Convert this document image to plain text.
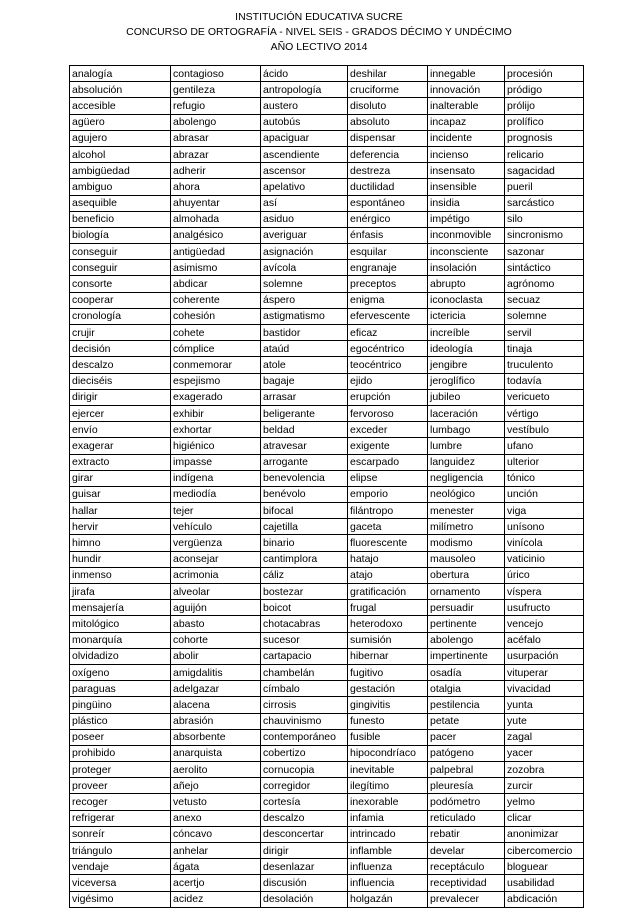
INSTITUCIÓN EDUCATIVA SUCRE
CONCURSO DE ORTOGRAFÍA - NIVEL SEIS - GRADOS DÉCIMO Y UNDÉCIMO
AÑO LECTIVO 2014
analogía	contagioso	ácido	deshilar	innegable	procesión
absolución	gentileza	antropología	cruciforme	innovación	pródigo
accesible	refugio	austero	disoluto	inalterable	prólijo
agüero	abolengo	autobús	absoluto	incapaz	prolífico
agujero	abrasar	apaciguar	dispensar	incidente	prognosis
alcohol	abrazar	ascendiente	deferencia	incienso	relicario
ambigüedad	adherir	ascensor	destreza	insensato	sagacidad
ambiguo	ahora	apelativo	ductilidad	insensible	pueril
asequible	ahuyentar	así	espontáneo	insidia	sarcástico
beneficio	almohada	asiduo	enérgico	impétigo	silo
biología	analgésico	averiguar	énfasis	inconmovible	sincronismo
conseguir	antigüedad	asignación	esquilar	inconsciente	sazonar
conseguir	asimismo	avícola	engranaje	insolación	sintáctico
consorte	abdicar	solemne	preceptos	abrupto	agrónomo
cooperar	coherente	áspero	enigma	iconoclasta	secuaz
cronología	cohesión	astigmatismo	efervescente	ictericia	solemne
crujir	cohete	bastidor	eficaz	increíble	servil
decisión	cómplice	ataúd	egocéntrico	ideología	tinaja
descalzo	conmemorar	atole	teocéntrico	jengibre	truculento
dieciséis	espejismo	bagaje	ejido	jeroglífico	todavía
dirigir	exagerado	arrasar	erupción	jubileo	vericueto
ejercer	exhibir	beligerante	fervoroso	laceración	vértigo
envío	exhortar	beldad	exceder	lumbago	vestíbulo
exagerar	higiénico	atravesar	exigente	lumbre	ufano
extracto	impasse	arrogante	escarpado	languidez	ulterior
girar	indígena	benevolencia	elipse	negligencia	tónico
guisar	mediodía	benévolo	emporio	neológico	unción
hallar	tejer	bifocal	filántropo	menester	viga
hervir	vehículo	cajetilla	gaceta	milímetro	unísono
himno	vergüenza	binario	fluorescente	modismo	vinícola
hundir	aconsejar	cantimplora	hatajo	mausoleo	vaticinio
inmenso	acrimonia	cáliz	atajo	obertura	úrico
jirafa	alveolar	bostezar	gratificación	ornamento	víspera
mensajería	aguijón	boicot	frugal	persuadir	usufructo
mitológico	abasto	chotacabras	heterodoxo	pertinente	vencejo
monarquía	cohorte	sucesor	sumisión	abolengo	acéfalo
olvidadizo	abolir	cartapacio	hibernar	impertinente	usurpación
oxígeno	amigdalitis	chambelán	fugitivo	osadía	vituperar
paraguas	adelgazar	címbalo	gestación	otalgia	vivacidad
pingüino	alacena	cirrosis	gingivitis	pestilencia	yunta
plástico	abrasión	chauvinismo	funesto	petate	yute
poseer	absorbente	contemporáneo	fusible	pacer	zagal
prohibido	anarquista	cobertizo	hipocondríaco	patógeno	yacer
proteger	aerolito	cornucopia	inevitable	palpebral	zozobra
proveer	añejo	corregidor	ilegítimo	pleuresía	zurcir
recoger	vetusto	cortesía	inexorable	podómetro	yelmo
refrigerar	anexo	descalzo	infamia	reticulado	clicar
sonreír	cóncavo	desconcertar	intrincado	rebatir	anonimizar
triángulo	anhelar	dirigir	inflamble	develar	cibercomercio
vendaje	ágata	desenlazar	influenza	receptáculo	bloguear
viceversa	acertjo	discusión	influencia	receptividad	usabilidad
vigésimo	acidez	desolación	holgazán	prevalecer	abdicación
